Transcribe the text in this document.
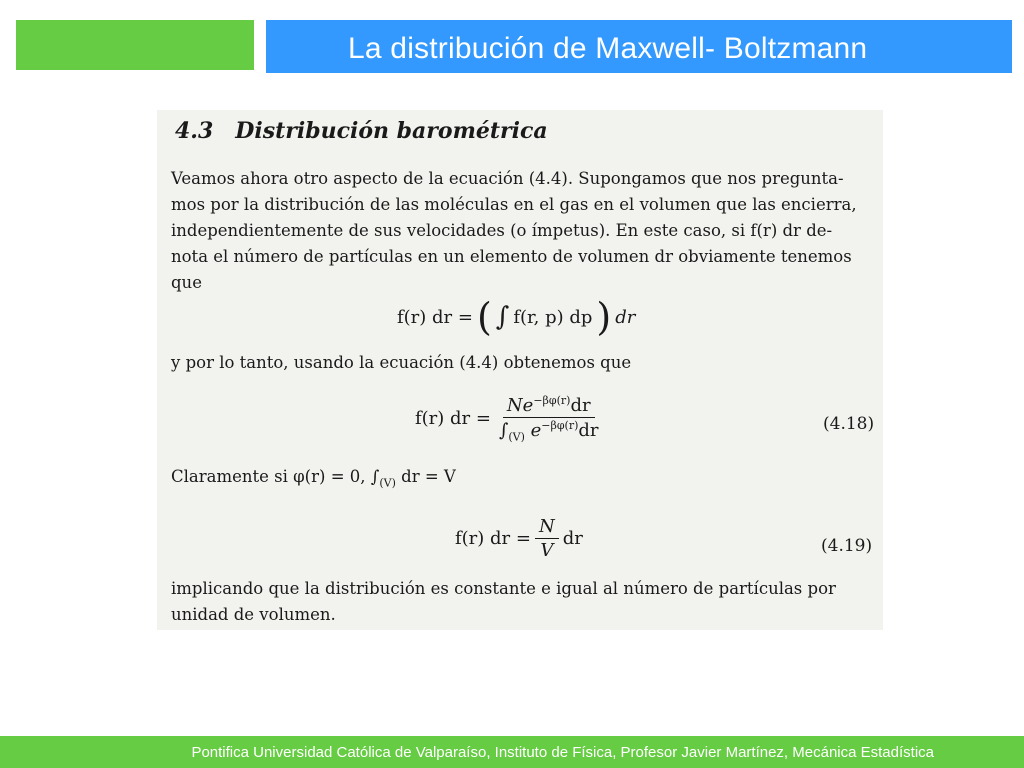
La distribución de Maxwell- Boltzmann
4.3 Distribución barométrica
Veamos ahora otro aspecto de la ecuación (4.4). Supongamos que nos pregunta-
mos por la distribución de las moléculas en el gas en el volumen que las encierra,
independientemente de sus velocidades (o ímpetus). En este caso, si f(r) dr de-
nota el número de partículas en un elemento de volumen dr obviamente tenemos
que
f(r) dr = ( ∫ f(r, p) dp ) dr
y por lo tanto, usando la ecuación (4.4) obtenemos que
f(r) dr = $\frac{Ne^{-\beta\varphi(r)}dr}{\int_{(V)} e^{-\beta\varphi(r)}dr}$	(4.18)
Claramente si φ(r) = 0, $\int_{(V)}$ dr = V
f(r) dr = $\frac{N}{V}$ dr	(4.19)
implicando que la distribución es constante e igual al número de partículas por
unidad de volumen.
Pontifica Universidad Católica de Valparaíso, Instituto de Física, Profesor Javier Martínez, Mecánica Estadística
